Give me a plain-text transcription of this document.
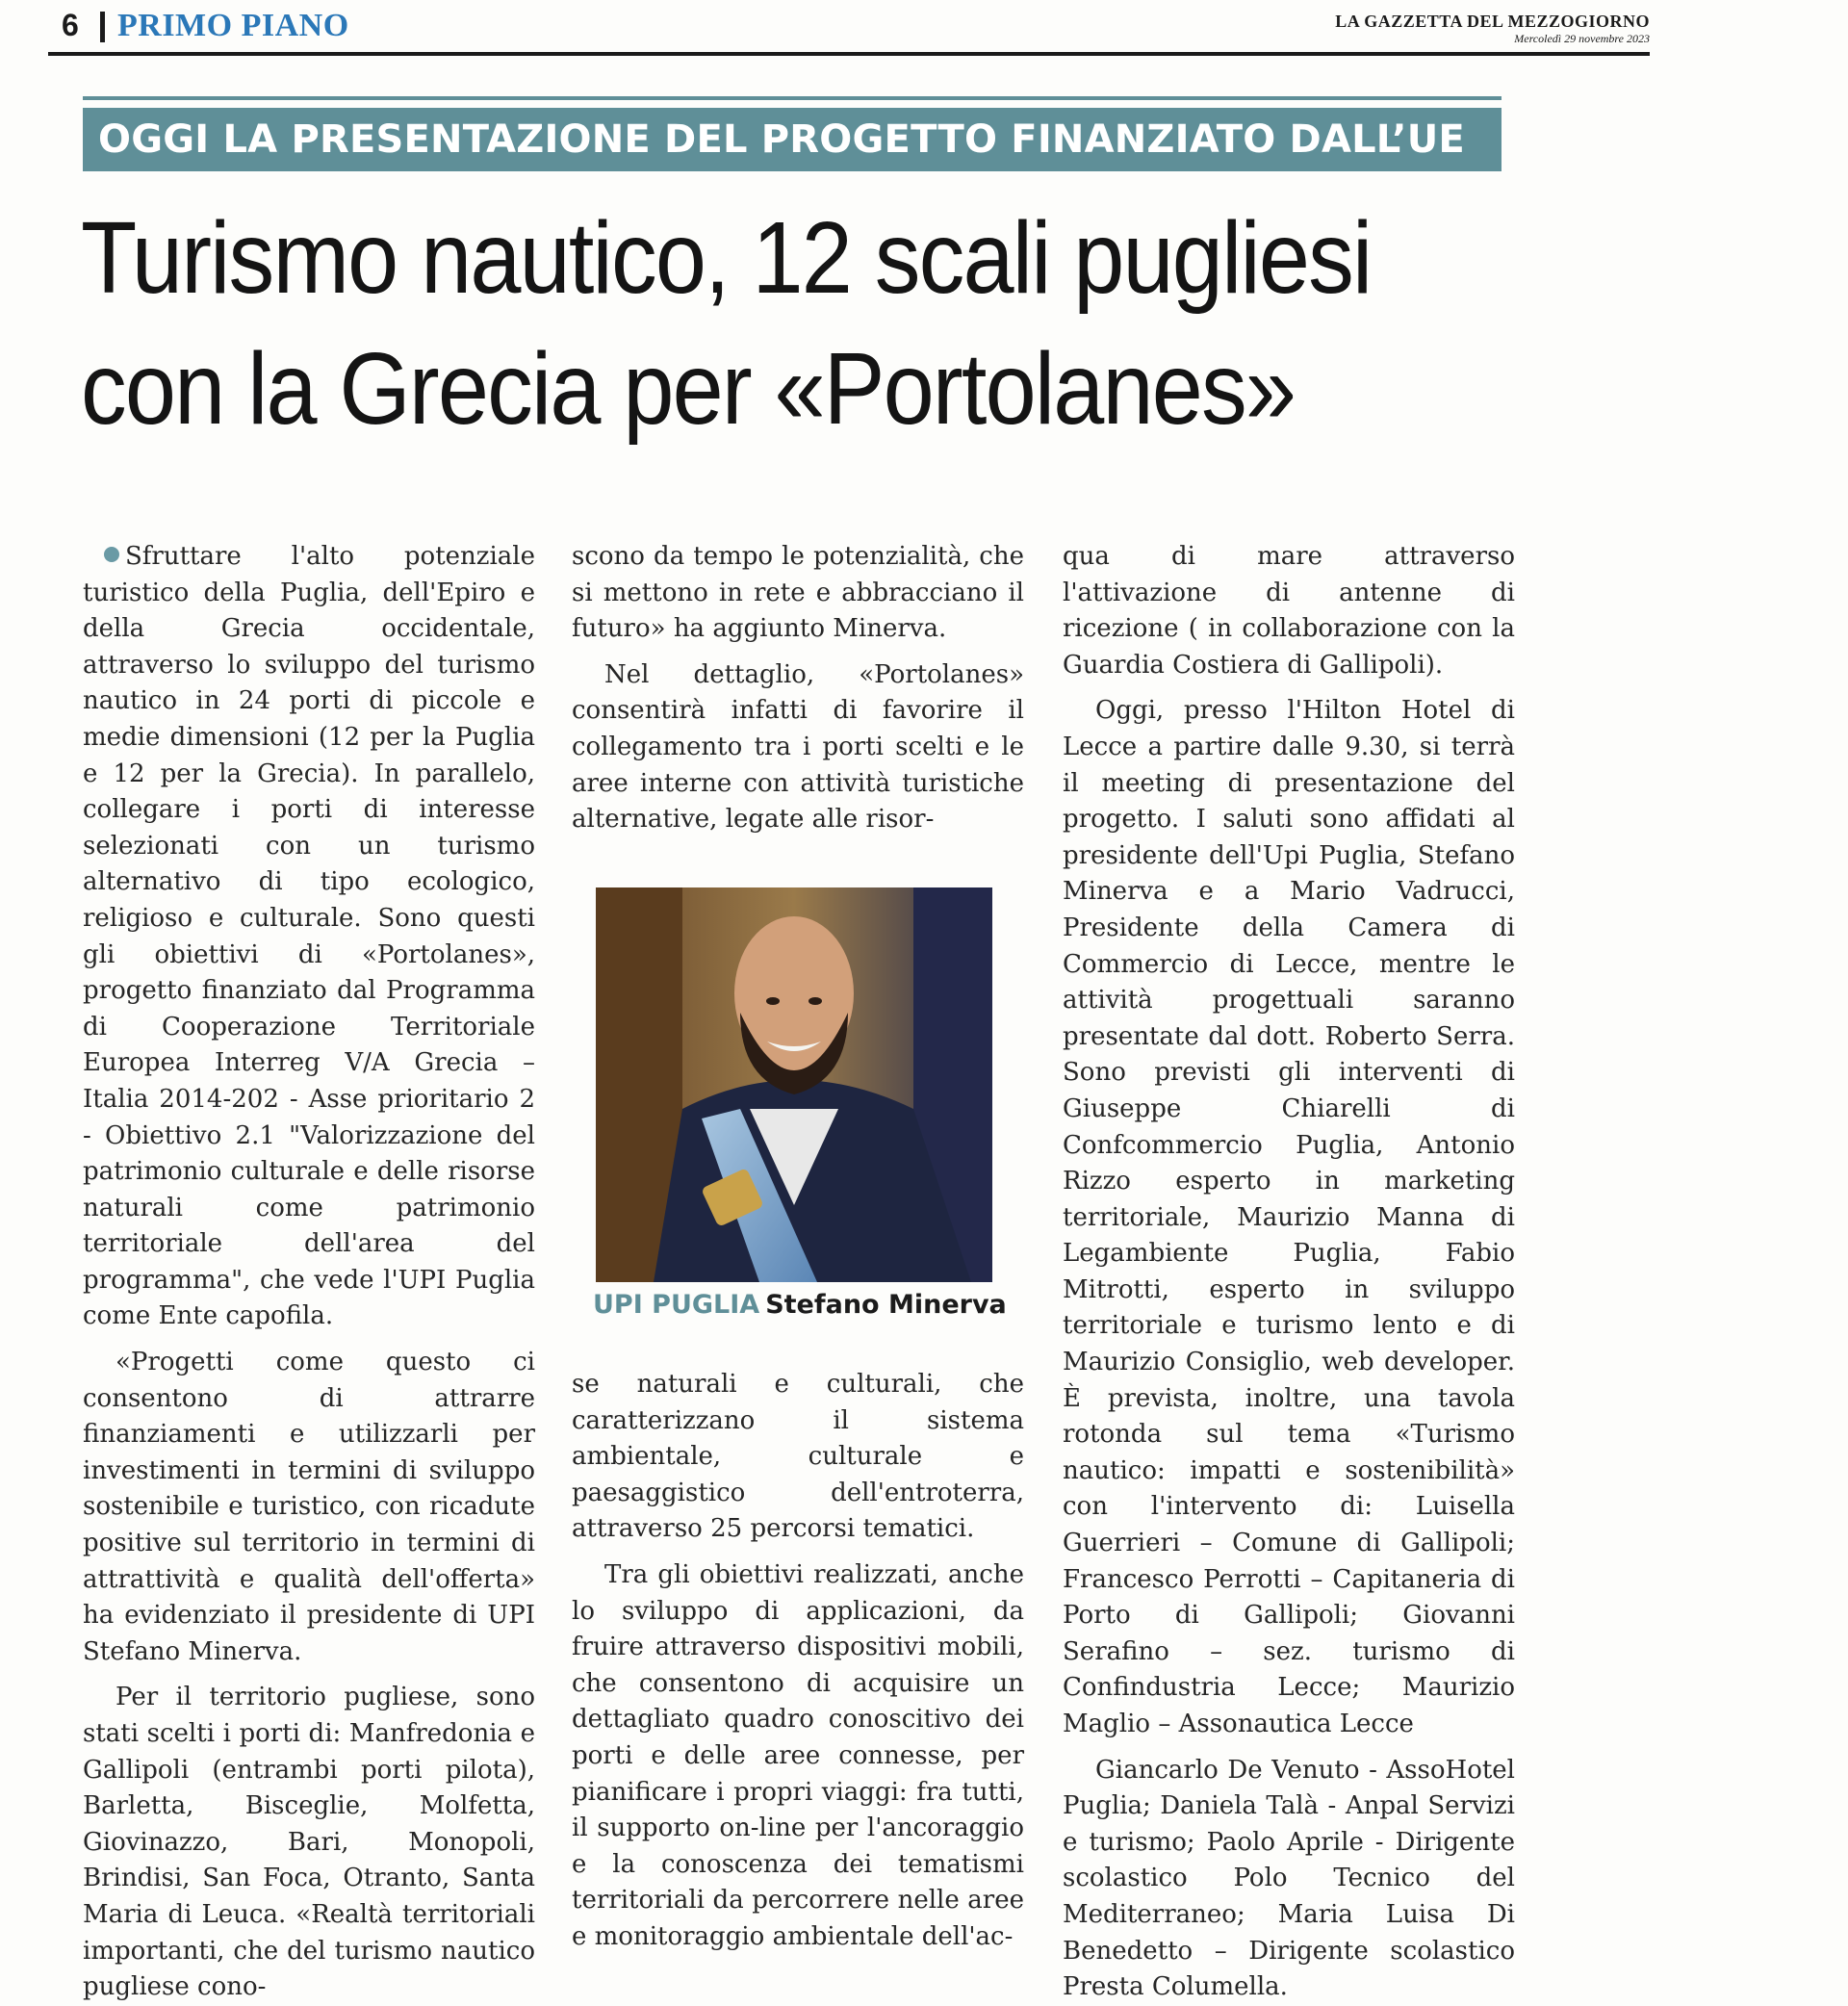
6 PRIMO PIANO	LA GAZZETTA DEL MEZZOGIORNO
Mercoledì 29 novembre 2023
OGGI LA PRESENTAZIONE DEL PROGETTO FINANZIATO DALL’UE
Turismo nautico, 12 scali pugliesi
con la Grecia per «Portolanes»

Sfruttare l'alto potenziale turistico della Puglia, dell'Epiro e della Grecia occidentale, attraverso lo sviluppo del turismo nautico in 24 porti di piccole e medie dimensioni (12 per la Puglia e 12 per la Grecia). In parallelo, collegare i porti di interesse selezionati con un turismo alternativo di tipo ecologico, religioso e culturale. Sono questi gli obiettivi di «Portolanes», progetto finanziato dal Programma di Cooperazione Territoriale Europea Interreg V/A Grecia – Italia 2014-202 - Asse prioritario 2 - Obiettivo 2.1 "Valorizzazione del patrimonio culturale e delle risorse naturali come patrimonio territoriale dell'area del programma", che vede l'UPI Puglia come Ente capofila.

«Progetti come questo ci consentono di attrarre finanziamenti e utilizzarli per investimenti in termini di sviluppo sostenibile e turistico, con ricadute positive sul territorio in termini di attrattività e qualità dell'offerta» ha evidenziato il presidente di UPI Stefano Minerva.

Per il territorio pugliese, sono stati scelti i porti di: Manfredonia e Gallipoli (entrambi porti pilota), Barletta, Bisceglie, Molfetta, Giovinazzo, Bari, Monopoli, Brindisi, San Foca, Otranto, Santa Maria di Leuca. «Realtà territoriali importanti, che del turismo nautico pugliese cono-

scono da tempo le potenzialità, che si mettono in rete e abbracciano il futuro» ha aggiunto Minerva.

Nel dettaglio, «Portolanes» consentirà infatti di favorire il collegamento tra i porti scelti e le aree interne con attività turistiche alternative, legate alle risor-

se naturali e culturali, che caratterizzano il sistema ambientale, culturale e paesaggistico dell'entroterra, attraverso 25 percorsi tematici.

Tra gli obiettivi realizzati, anche lo sviluppo di applicazioni, da fruire attraverso dispositivi mobili, che consentono di acquisire un dettagliato quadro conoscitivo dei porti e delle aree connesse, per pianificare i propri viaggi: fra tutti, il supporto on-line per l'ancoraggio e la conoscenza dei tematismi territoriali da percorrere nelle aree e monitoraggio ambientale dell'ac-

UPI PUGLIA Stefano Minerva

qua di mare attraverso l'attivazione di antenne di ricezione ( in collaborazione con la Guardia Costiera di Gallipoli).

Oggi, presso l'Hilton Hotel di Lecce a partire dalle 9.30, si terrà il meeting di presentazione del progetto. I saluti sono affidati al presidente dell'Upi Puglia, Stefano Minerva e a Mario Vadrucci, Presidente della Camera di Commercio di Lecce, mentre le attività progettuali saranno presentate dal dott. Roberto Serra. Sono previsti gli interventi di Giuseppe Chiarelli di Confcommercio Puglia, Antonio Rizzo esperto in marketing territoriale, Maurizio Manna di Legambiente Puglia, Fabio Mitrotti, esperto in sviluppo territoriale e turismo lento e di Maurizio Consiglio, web developer. È prevista, inoltre, una tavola rotonda sul tema «Turismo nautico: impatti e sostenibilità» con l'intervento di: Luisella Guerrieri – Comune di Gallipoli; Francesco Perrotti – Capitaneria di Porto di Gallipoli; Giovanni Serafino – sez. turismo di Confindustria Lecce; Maurizio Maglio – Assonautica Lecce

Giancarlo De Venuto - AssoHotel Puglia; Daniela Talà - Anpal Servizi e turismo; Paolo Aprile - Dirigente scolastico Polo Tecnico del Mediterraneo; Maria Luisa Di Benedetto – Dirigente scolastico Presta Columella.
